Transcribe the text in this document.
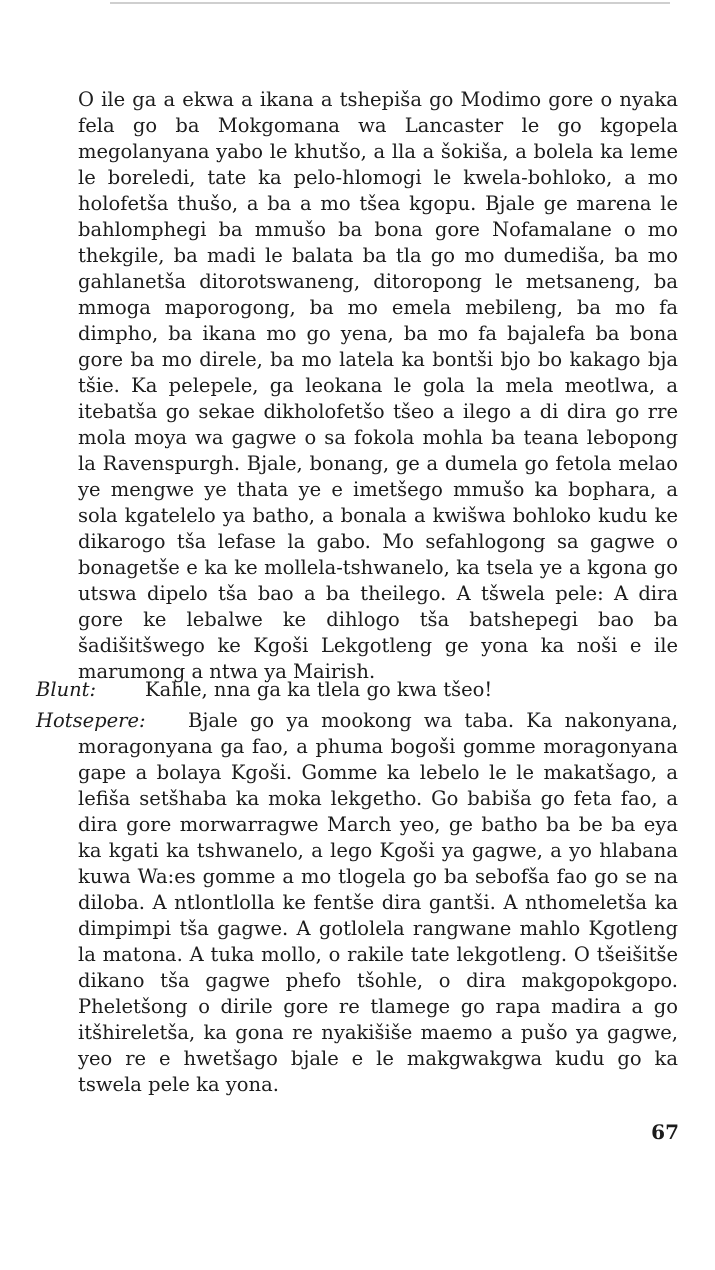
O ile ga a ekwa a ikana a tshepiša go Modimo gore o nyaka fela go ba Mokgomana wa Lancaster le go kgopela megolanyana yabo le khutšo, a lla a šokiša, a bolela ka leme le boreledi, tate ka pelo-hlomogi le kwela-bohloko, a mo holofetša thušo, a ba a mo tšea kgopu. Bjale ge marena le bahlomphegi ba mmušo ba bona gore Nofamalane o mo thekgile, ba madi le balata ba tla go mo dumediša, ba mo gahlanetša ditorotswaneng, ditoropong le metsaneng, ba mmoga maporogong, ba mo emela mebileng, ba mo fa dimpho, ba ikana mo go yena, ba mo fa bajalefa ba bona gore ba mo direle, ba mo latela ka bontši bjo bo kakago bja tšie. Ka pelepele, ga leokana le gola la mela meotlwa, a itebatša go sekae dikholofetšo tšeo a ilego a di dira go rre mola moya wa gagwe o sa fokola mohla ba teana lebopong la Ravenspurgh. Bjale, bonang, ge a dumela go fetola melao ye mengwe ye thata ye e imetšego mmušo ka bophara, a sola kgatelelo ya batho, a bonala a kwišwa bohloko kudu ke dikarogo tša lefase la gabo. Mo sefahlogong sa gagwe o bonagetše e ka ke mollela-tshwanelo, ka tsela ye a kgona go utswa dipelo tša bao a ba theilego. A tšwela pele: A dira gore ke lebalwe ke dihlogo tša batshepegi bao ba šadišitšwego ke Kgoši Lekgotleng ge yona ka noši e ile marumong a ntwa ya Mairish.

Kahle, nna ga ka tlela go kwa tšeo!

Blunt:

Bjale go ya mookong wa taba. Ka nakonyana, moragonyana ga fao, a phuma bogoši gomme moragonyana gape a bolaya Kgoši. Gomme ka lebelo le le makatšago, a lefiša setšhaba ka moka lekgetho. Go babiša go feta fao, a dira gore morwarragwe March yeo, ge batho ba be ba eya ka kgati ka tshwanelo, a lego Kgoši ya gagwe, a yo hlabana kuwa Wa:es gomme a mo tlogela go ba sebofša fao go se na diloba. A ntlontlolla ke fentše dira gantši. A nthomeletša ka dimpimpi tša gagwe. A gotlolela rangwane mahlo Kgotleng la matona. A tuka mollo, o rakile tate lekgotleng. O tšeišitše dikano tša gagwe phefo tšohle, o dira makgopokgopo. Pheletšong o dirile gore re tlamege go rapa madira a go itšhireletša, ka gona re nyakišiše maemo a pušo ya gagwe, yeo re e hwetšago bjale e le makgwakgwa kudu go ka tswela pele ka yona.

Hotsepere:
67
